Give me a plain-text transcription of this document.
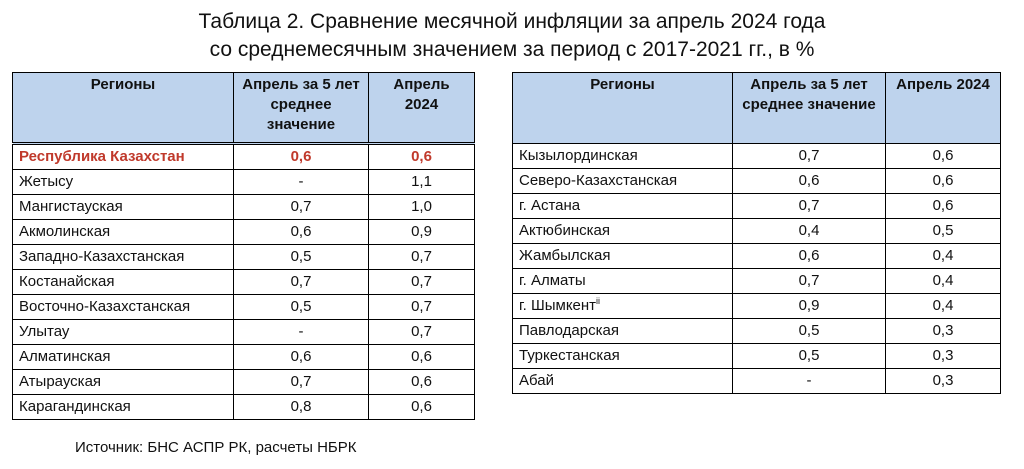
Таблица 2. Сравнение месячной инфляции за апрель 2024 года
со среднемесячным значением за период с 2017-2021 гг., в %
Регионы	Апрель за 5 лет среднее значение	Апрель 2024
Республика Казахстан	0,6	0,6
Жетысу	-	1,1
Мангистауская	0,7	1,0
Акмолинская	0,6	0,9
Западно-Казахстанская	0,5	0,7
Костанайская	0,7	0,7
Восточно-Казахстанская	0,5	0,7
Улытау	-	0,7
Алматинская	0,6	0,6
Атырауская	0,7	0,6
Карагандинская	0,8	0,6
Регионы	Апрель за 5 лет среднее значение	Апрель 2024
Кызылординская	0,7	0,6
Северо-Казахстанская	0,6	0,6
г. Астана	0,7	0,6
Актюбинская	0,4	0,5
Жамбылская	0,6	0,4
г. Алматы	0,7	0,4
г. Шымкент$^{ii}$	0,9	0,4
Павлодарская	0,5	0,3
Туркестанская	0,5	0,3
Абай	-	0,3
Источник: БНС АСПР РК, расчеты НБРК
